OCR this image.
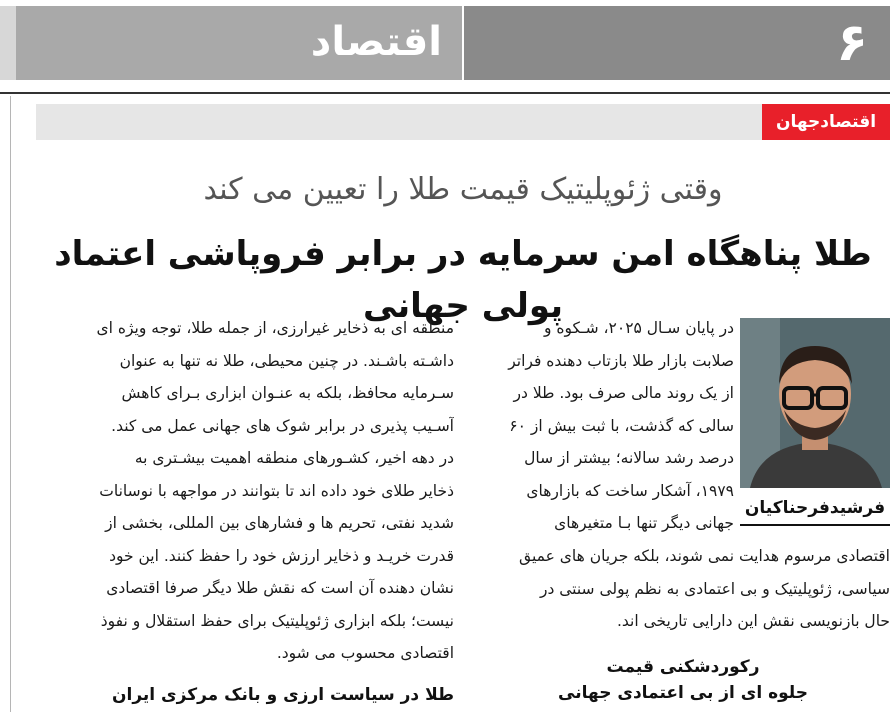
اقتصاد	۶
اقتصادجهان
وقتی ژئوپلیتیک قیمت طلا را تعیین می کند
طلا پناهگاه امن سرمایه در برابر فروپاشی اعتماد پولی جهانی
در پایان سـال ۲۰۲۵، شـکوه و
صلابت بازار طلا بازتاب دهنده فراتر
از یک روند مالی صرف بود. طلا در
سالی که گذشت، با ثبت بیش از ۶۰
درصد رشد سالانه؛ بیشتر از سال
۱۹۷۹، آشکار ساخت که بازارهای
جهانی دیگر تنها بـا متغیرهای
فرشیدفرحناکیان
اقتصادی مرسوم هدایت نمی شوند، بلکه جریان های عمیق
سیاسی، ژئوپلیتیک و بی اعتمادی به نظم پولی سنتی در
حال بازنویسی نقش این دارایی تاریخی اند.
رکوردشکنی قیمت
جلوه ای از بی اعتمادی جهانی
منطقه ای به ذخایر غیرارزی، از جمله طلا، توجه ویژه ای
داشـته باشـند. در چنین محیطی، طلا نه تنها به عنوان
سـرمایه محافظ، بلکه به عنـوان ابزاری بـرای کاهش
آسـیب پذیری در برابر شوک های جهانی عمل می کند.
در دهه اخیر، کشـورهای منطقه اهمیت بیشـتری به
ذخایر طلای خود داده اند تا بتوانند در مواجهه با نوسانات
شدید نفتی، تحریم ها و فشارهای بین المللی، بخشی از
قدرت خریـد و ذخایر ارزش خود را حفظ کنند. این خود
نشان دهنده آن است که نقش طلا دیگر صرفا اقتصادی
نیست؛ بلکه ابزاری ژئوپلیتیک برای حفظ استقلال و نفوذ
اقتصادی محسوب می شود.
طلا در سیاست ارزی و بانک مرکزی ایران
